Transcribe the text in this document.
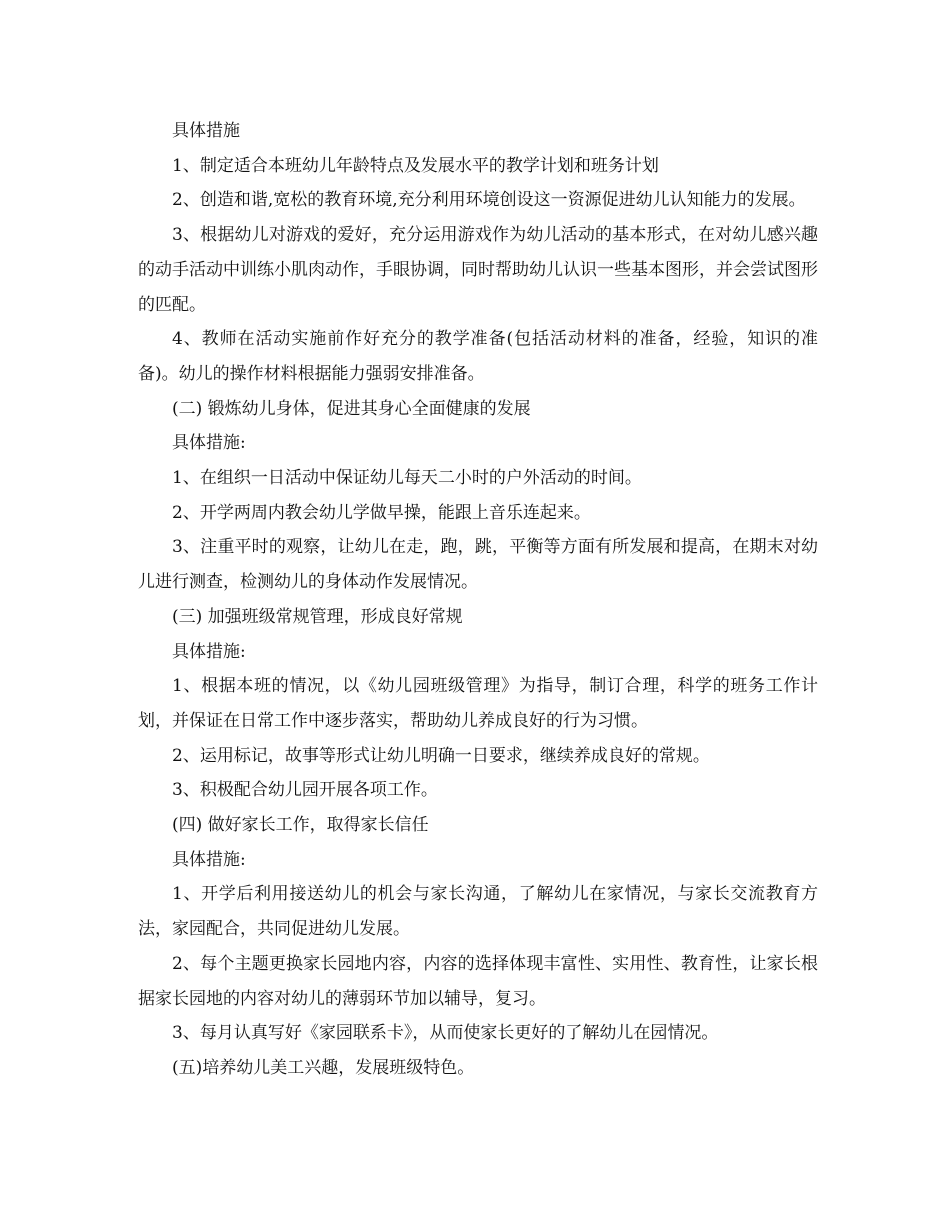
具体措施

1、制定适合本班幼儿年龄特点及发展水平的教学计划和班务计划

2、创造和谐,宽松的教育环境,充分利用环境创设这一资源促进幼儿认知能力的发展。

3、根据幼儿对游戏的爱好，充分运用游戏作为幼儿活动的基本形式，在对幼儿感兴趣的动手活动中训练小肌肉动作，手眼协调，同时帮助幼儿认识一些基本图形，并会尝试图形的匹配。

4、教师在活动实施前作好充分的教学准备(包括活动材料的准备，经验，知识的准备)。幼儿的操作材料根据能力强弱安排准备。

(二) 锻炼幼儿身体，促进其身心全面健康的发展

具体措施:

1、在组织一日活动中保证幼儿每天二小时的户外活动的时间。

2、开学两周内教会幼儿学做早操，能跟上音乐连起来。

3、注重平时的观察，让幼儿在走，跑，跳，平衡等方面有所发展和提高，在期末对幼儿进行测查，检测幼儿的身体动作发展情况。

(三) 加强班级常规管理，形成良好常规

具体措施:

1、根据本班的情况，以《幼儿园班级管理》为指导，制订合理，科学的班务工作计划，并保证在日常工作中逐步落实，帮助幼儿养成良好的行为习惯。

2、运用标记，故事等形式让幼儿明确一日要求，继续养成良好的常规。

3、积极配合幼儿园开展各项工作。

(四) 做好家长工作，取得家长信任

具体措施:

1、开学后利用接送幼儿的机会与家长沟通，了解幼儿在家情况，与家长交流教育方法，家园配合，共同促进幼儿发展。

2、每个主题更换家长园地内容，内容的选择体现丰富性、实用性、教育性，让家长根据家长园地的内容对幼儿的薄弱环节加以辅导，复习。

3、每月认真写好《家园联系卡》，从而使家长更好的了解幼儿在园情况。

(五)培养幼儿美工兴趣，发展班级特色。
